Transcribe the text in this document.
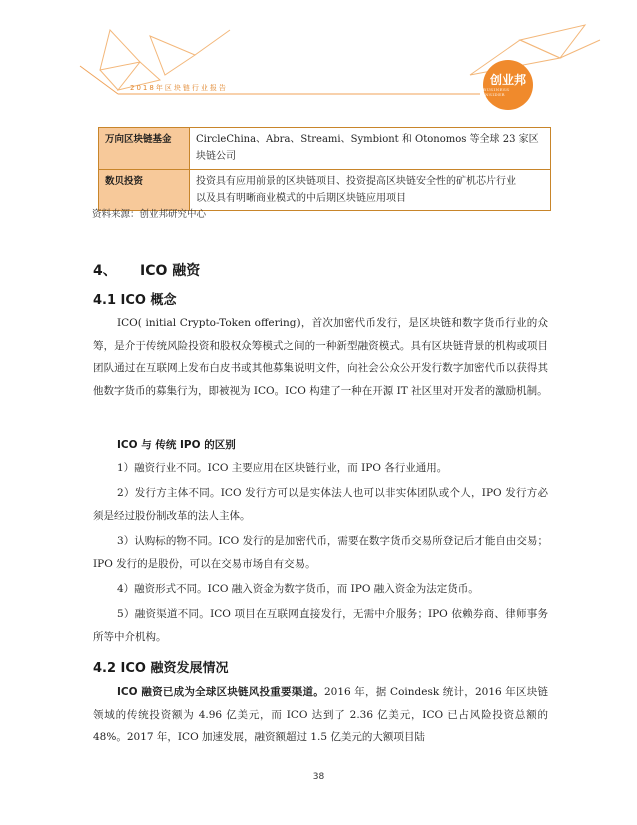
2018年区块链行业报告
创业邦
BUSINESS INSIDER
万向区块链基金	CircleChina、Abra、Streami、Symbiont 和 Otonomos 等全球 23 家区
块链公司

数贝投资	投资具有应用前景的区块链项目、投资提高区块链安全性的矿机芯片行业
以及具有明晰商业模式的中后期区块链应用项目
资料来源：创业邦研究中心
4、 ICO 融资
4.1 ICO 概念
ICO( initial Crypto-Token offering)，首次加密代币发行，是区块链和数字货币行业的众筹，是介于传统风险投资和股权众筹模式之间的一种新型融资模式。具有区块链背景的机构或项目团队通过在互联网上发布白皮书或其他募集说明文件，向社会公众公开发行数字加密代币以获得其他数字货币的募集行为，即被视为 ICO。ICO 构建了一种在开源 IT 社区里对开发者的激励机制。
ICO 与 传统 IPO 的区别
1）融资行业不同。ICO 主要应用在区块链行业，而 IPO 各行业通用。
2）发行方主体不同。ICO 发行方可以是实体法人也可以非实体团队或个人，IPO 发行方必须是经过股份制改革的法人主体。
3）认购标的物不同。ICO 发行的是加密代币，需要在数字货币交易所登记后才能自由交易；IPO 发行的是股份，可以在交易市场自有交易。
4）融资形式不同。ICO 融入资金为数字货币，而 IPO 融入资金为法定货币。
5）融资渠道不同。ICO 项目在互联网直接发行，无需中介服务；IPO 依赖券商、律师事务所等中介机构。
4.2 ICO 融资发展情况
ICO 融资已成为全球区块链风投重要渠道。2016 年，据 Coindesk 统计，2016 年区块链领域的传统投资额为 4.96 亿美元，而 ICO 达到了 2.36 亿美元，ICO 已占风险投资总额的 48%。2017 年，ICO 加速发展，融资额超过 1.5 亿美元的大额项目陆
38
